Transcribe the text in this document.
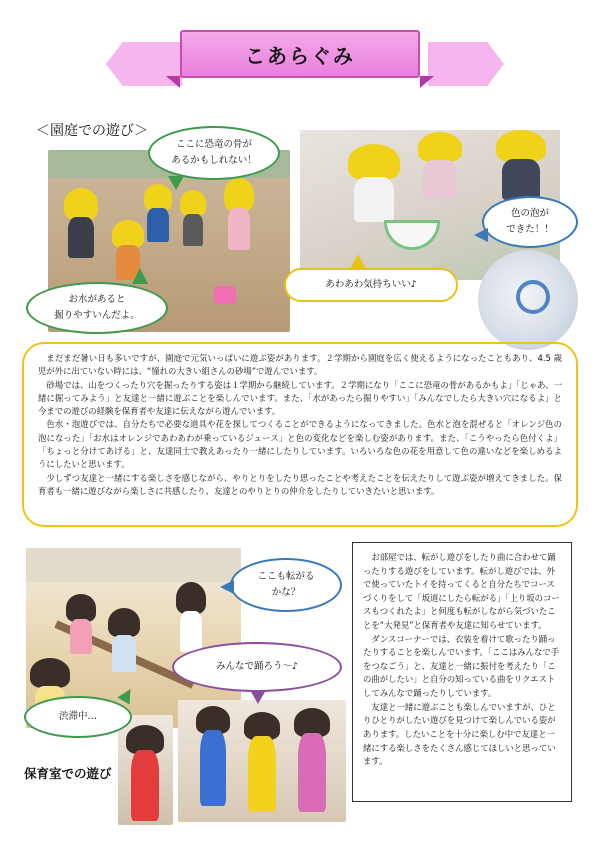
こあらぐみ
＜園庭での遊び＞
ここに恐竜の骨が
あるかもしれない！
お水があると
掘りやすいんだよ。
あわあわ気持ちいい♪
色の泡が
できた！！

まだまだ暑い日も多いですが、園庭で元気いっぱいに遊ぶ姿があります。２学期から園庭を広く使えるようになったこともあり、4.5 歳児が外に出ていない時には、“憧れの大きい組さんの砂場”で遊んでいます。

砂場では、山をつくったり穴を掘ったりする姿は１学期から継続しています。２学期になり「ここに恐竜の骨があるかもよ」「じゃあ、一緒に掘ってみよう」と友達と一緒に遊ぶことを楽しんでいます。また、「水があったら掘りやすい」「みんなでしたら大きい穴になるよ」と今までの遊びの経験を保育者や友達に伝えながら遊んでいます。

色水・泡遊びでは、自分たちで必要な道具や花を探してつくることができるようになってきました。色水と泡を混ぜると「オレンジ色の泡になった」「お水はオレンジであわあわが乗っているジュース」と色の変化などを楽しむ姿があります。また、「こうやったら色付くよ」「ちょっと分けてあげる」と、友達同士で教えあったり一緒にしたりしています。いろいろな色の花を用意して色の違いなどを楽しめるようにしたいと思います。

少しずつ友達と一緒にする楽しさを感じながら、やりとりをしたり思ったことや考えたことを伝えたりして遊ぶ姿が増えてきました。保育者も一緒に遊びながら楽しさに共感したり、友達とのやりとりの仲介をしたりしていきたいと思います。

ここも転がる
かな？
みんなで踊ろう～♪
渋滞中…
保育室での遊び

お部屋では、転がし遊びをしたり曲に合わせて踊ったりする遊びをしています。転がし遊びでは、外で使っていたトイを持ってくると自分たちでコースづくりをして「坂道にしたら転がる」「上り坂のコースもつくれたよ」と何度も転がしながら気づいたことを“大発見”と保育者や友達に知らせています。

ダンスコーナーでは、衣装を着けて歌ったり踊ったりすることを楽しんでいます。「ここはみんなで手をつなごう」と、友達と一緒に振付を考えたり「この曲がしたい」と自分の知っている曲をリクエストしてみんなで踊ったりしています。

友達と一緒に遊ぶことも楽しんでいますが、ひとりひとりがしたい遊びを見つけて楽しんでいる姿があります。したいことを十分に楽しむ中で友達と一緒にする楽しさをたくさん感じてほしいと思っています。
